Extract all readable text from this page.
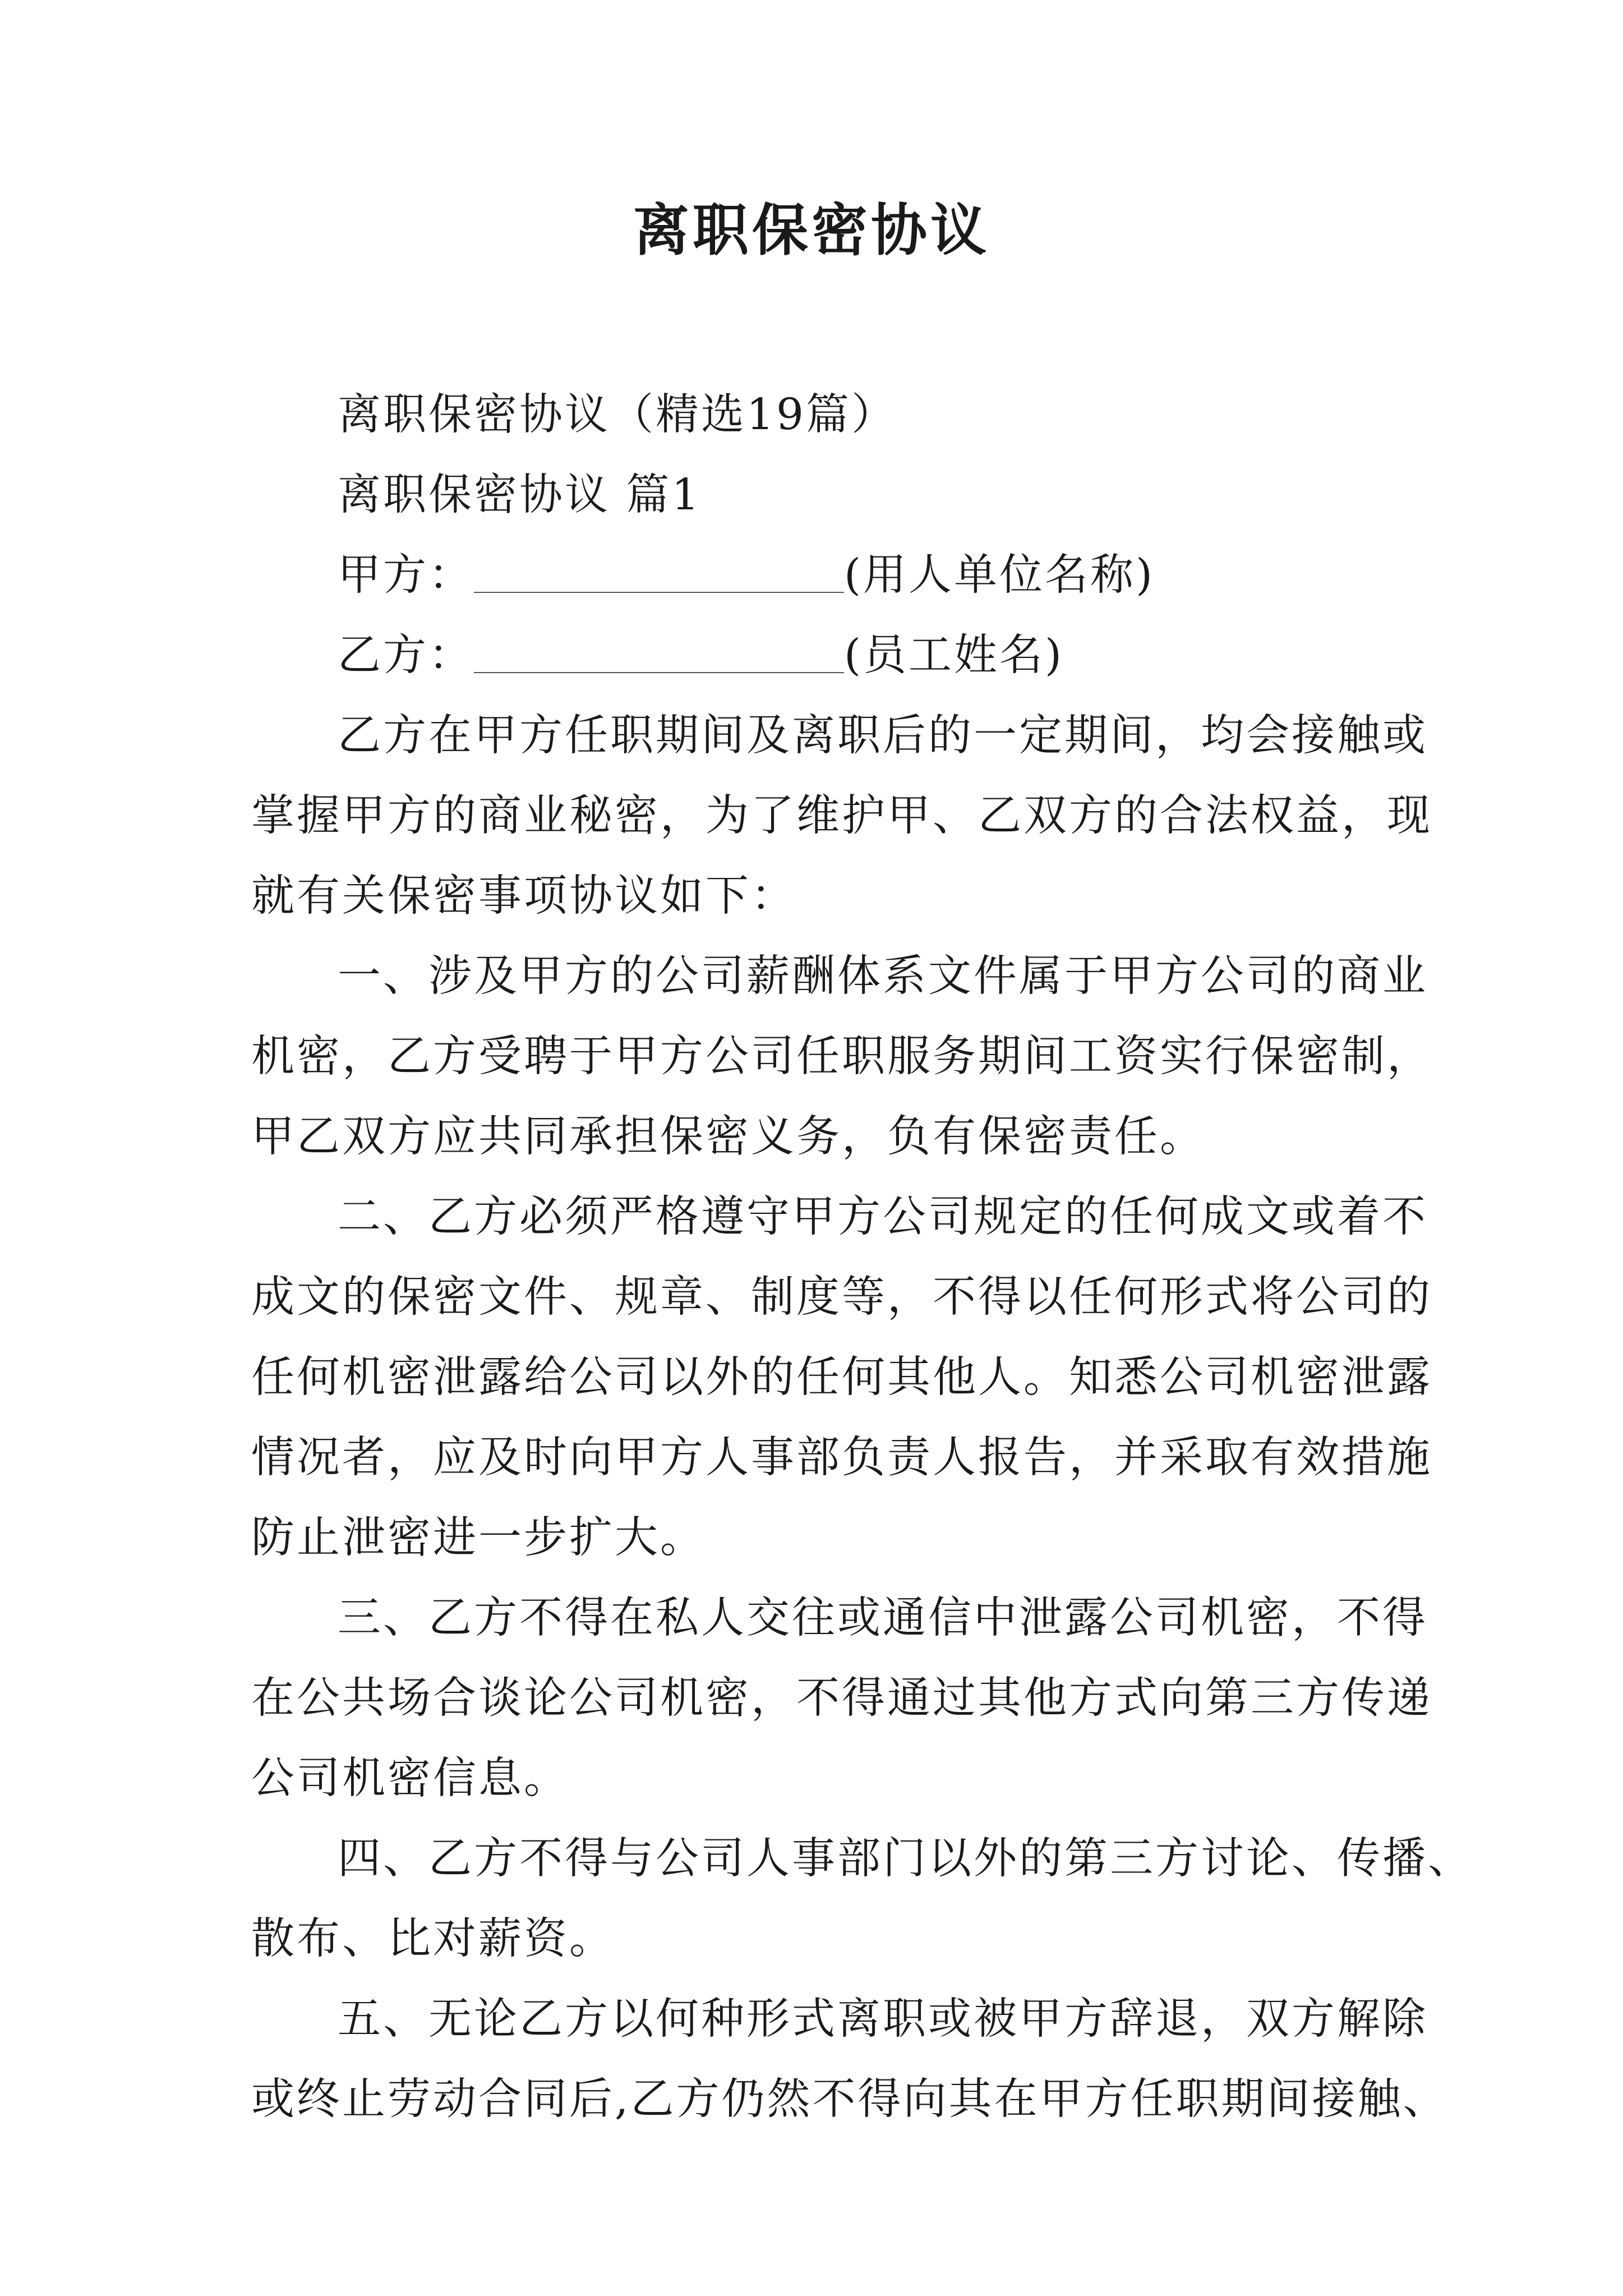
离职保密协议
离职保密协议（精选19篇）
离职保密协议 篇1
甲方：	(用人单位名称)
乙方：	(员工姓名)
乙方在甲方任职期间及离职后的一定期间，均会接触或
掌握甲方的商业秘密，为了维护甲、乙双方的合法权益，现
就有关保密事项协议如下：
一、涉及甲方的公司薪酬体系文件属于甲方公司的商业
机密，乙方受聘于甲方公司任职服务期间工资实行保密制，
甲乙双方应共同承担保密义务，负有保密责任。
二、乙方必须严格遵守甲方公司规定的任何成文或着不
成文的保密文件、规章、制度等，不得以任何形式将公司的
任何机密泄露给公司以外的任何其他人。知悉公司机密泄露
情况者，应及时向甲方人事部负责人报告，并采取有效措施
防止泄密进一步扩大。
三、乙方不得在私人交往或通信中泄露公司机密，不得
在公共场合谈论公司机密，不得通过其他方式向第三方传递
公司机密信息。
四、乙方不得与公司人事部门以外的第三方讨论、传播、
散布、比对薪资。
五、无论乙方以何种形式离职或被甲方辞退，双方解除
或终止劳动合同后,乙方仍然不得向其在甲方任职期间接触、
